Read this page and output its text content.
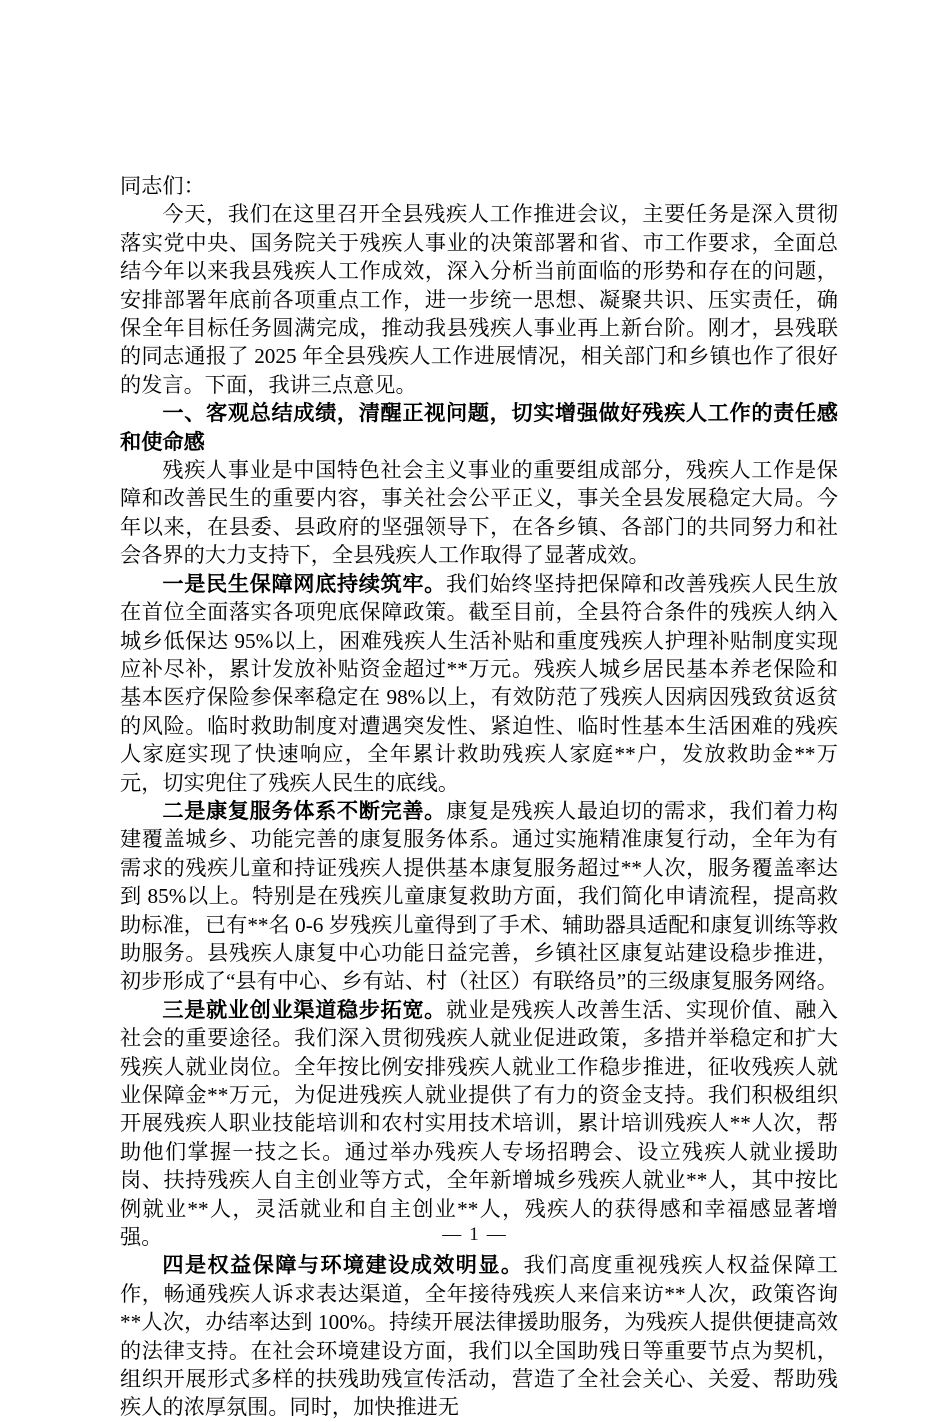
同志们：

今天，我们在这里召开全县残疾人工作推进会议，主要任务是深入贯彻落实党中央、国务院关于残疾人事业的决策部署和省、市工作要求，全面总结今年以来我县残疾人工作成效，深入分析当前面临的形势和存在的问题，安排部署年底前各项重点工作，进一步统一思想、凝聚共识、压实责任，确保全年目标任务圆满完成，推动我县残疾人事业再上新台阶。刚才，县残联的同志通报了 2025 年全县残疾人工作进展情况，相关部门和乡镇也作了很好的发言。下面，我讲三点意见。

一、客观总结成绩，清醒正视问题，切实增强做好残疾人工作的责任感和使命感

残疾人事业是中国特色社会主义事业的重要组成部分，残疾人工作是保障和改善民生的重要内容，事关社会公平正义，事关全县发展稳定大局。今年以来，在县委、县政府的坚强领导下，在各乡镇、各部门的共同努力和社会各界的大力支持下，全县残疾人工作取得了显著成效。

一是民生保障网底持续筑牢。我们始终坚持把保障和改善残疾人民生放在首位全面落实各项兜底保障政策。截至目前，全县符合条件的残疾人纳入城乡低保达 95%以上，困难残疾人生活补贴和重度残疾人护理补贴制度实现应补尽补，累计发放补贴资金超过**万元。残疾人城乡居民基本养老保险和基本医疗保险参保率稳定在 98%以上，有效防范了残疾人因病因残致贫返贫的风险。临时救助制度对遭遇突发性、紧迫性、临时性基本生活困难的残疾人家庭实现了快速响应，全年累计救助残疾人家庭**户，发放救助金**万元，切实兜住了残疾人民生的底线。

二是康复服务体系不断完善。康复是残疾人最迫切的需求，我们着力构建覆盖城乡、功能完善的康复服务体系。通过实施精准康复行动，全年为有需求的残疾儿童和持证残疾人提供基本康复服务超过**人次，服务覆盖率达到 85%以上。特别是在残疾儿童康复救助方面，我们简化申请流程，提高救助标准，已有**名 0-6 岁残疾儿童得到了手术、辅助器具适配和康复训练等救助服务。县残疾人康复中心功能日益完善，乡镇社区康复站建设稳步推进，初步形成了“县有中心、乡有站、村（社区）有联络员”的三级康复服务网络。

三是就业创业渠道稳步拓宽。就业是残疾人改善生活、实现价值、融入社会的重要途径。我们深入贯彻残疾人就业促进政策，多措并举稳定和扩大残疾人就业岗位。全年按比例安排残疾人就业工作稳步推进，征收残疾人就业保障金**万元，为促进残疾人就业提供了有力的资金支持。我们积极组织开展残疾人职业技能培训和农村实用技术培训，累计培训残疾人**人次，帮助他们掌握一技之长。通过举办残疾人专场招聘会、设立残疾人就业援助岗、扶持残疾人自主创业等方式，全年新增城乡残疾人就业**人，其中按比例就业**人，灵活就业和自主创业**人，残疾人的获得感和幸福感显著增强。

四是权益保障与环境建设成效明显。我们高度重视残疾人权益保障工作，畅通残疾人诉求表达渠道，全年接待残疾人来信来访**人次，政策咨询**人次，办结率达到 100%。持续开展法律援助服务，为残疾人提供便捷高效的法律支持。在社会环境建设方面，我们以全国助残日等重要节点为契机，组织开展形式多样的扶残助残宣传活动，营造了全社会关心、关爱、帮助残疾人的浓厚氛围。同时，加快推进无

— 1 —
